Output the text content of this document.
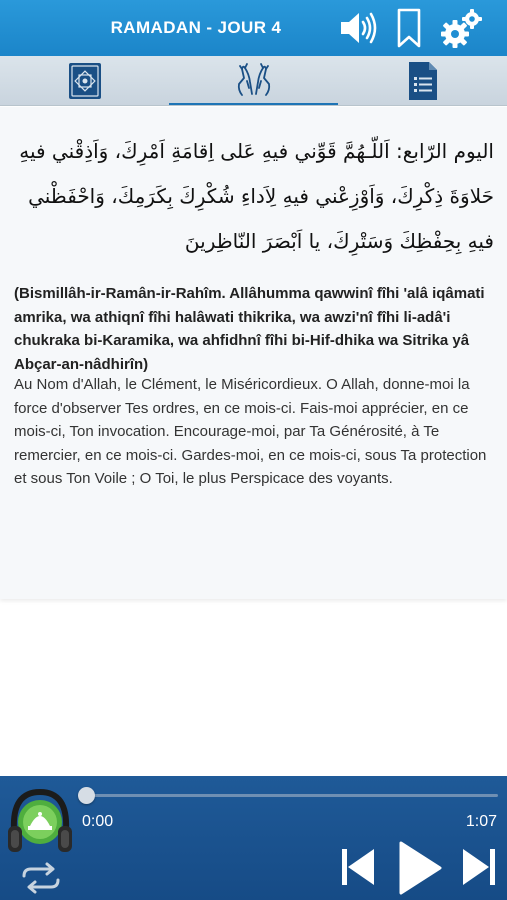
RAMADAN - JOUR 4
اليوم الرّابع: اَللّـهُمَّ قَوِّني فيهِ عَلى اِقامَةِ اَمْرِكَ، وَاَذِقْني فيهِ حَلاوَةَ ذِكْرِكَ، وَاَوْزِعْني فيهِ لِاَداءِ شُكْرِكَ بِكَرَمِكَ، وَاحْفَظْني فيهِ بِحِفْظِكَ وَسَتْرِكَ، يا اَبْصَرَ النّاظِرينَ
(Bismillâh-ir-Ramân-ir-Rahîm. Allâhumma qawwinî fîhi 'alâ iqâmati amrika, wa athiqnî fîhi halâwati thikrika, wa awzi'nî fîhi li-adâ'i chukraka bi-Karamika, wa ahfidhnî fîhi bi-Hif-dhika wa Sitrika yâ Abçar-an-nâdhirîn)
Au Nom d'Allah, le Clément, le Miséricordieux. O Allah, donne-moi la force d'observer Tes ordres, en ce mois-ci. Fais-moi apprécier, en ce mois-ci, Ton invocation. Encourage-moi, par Ta Générosité, à Te remercier, en ce mois-ci. Gardes-moi, en ce mois-ci, sous Ta protection et sous Ton Voile ; O Toi, le plus Perspicace des voyants.
0:00	1:07
